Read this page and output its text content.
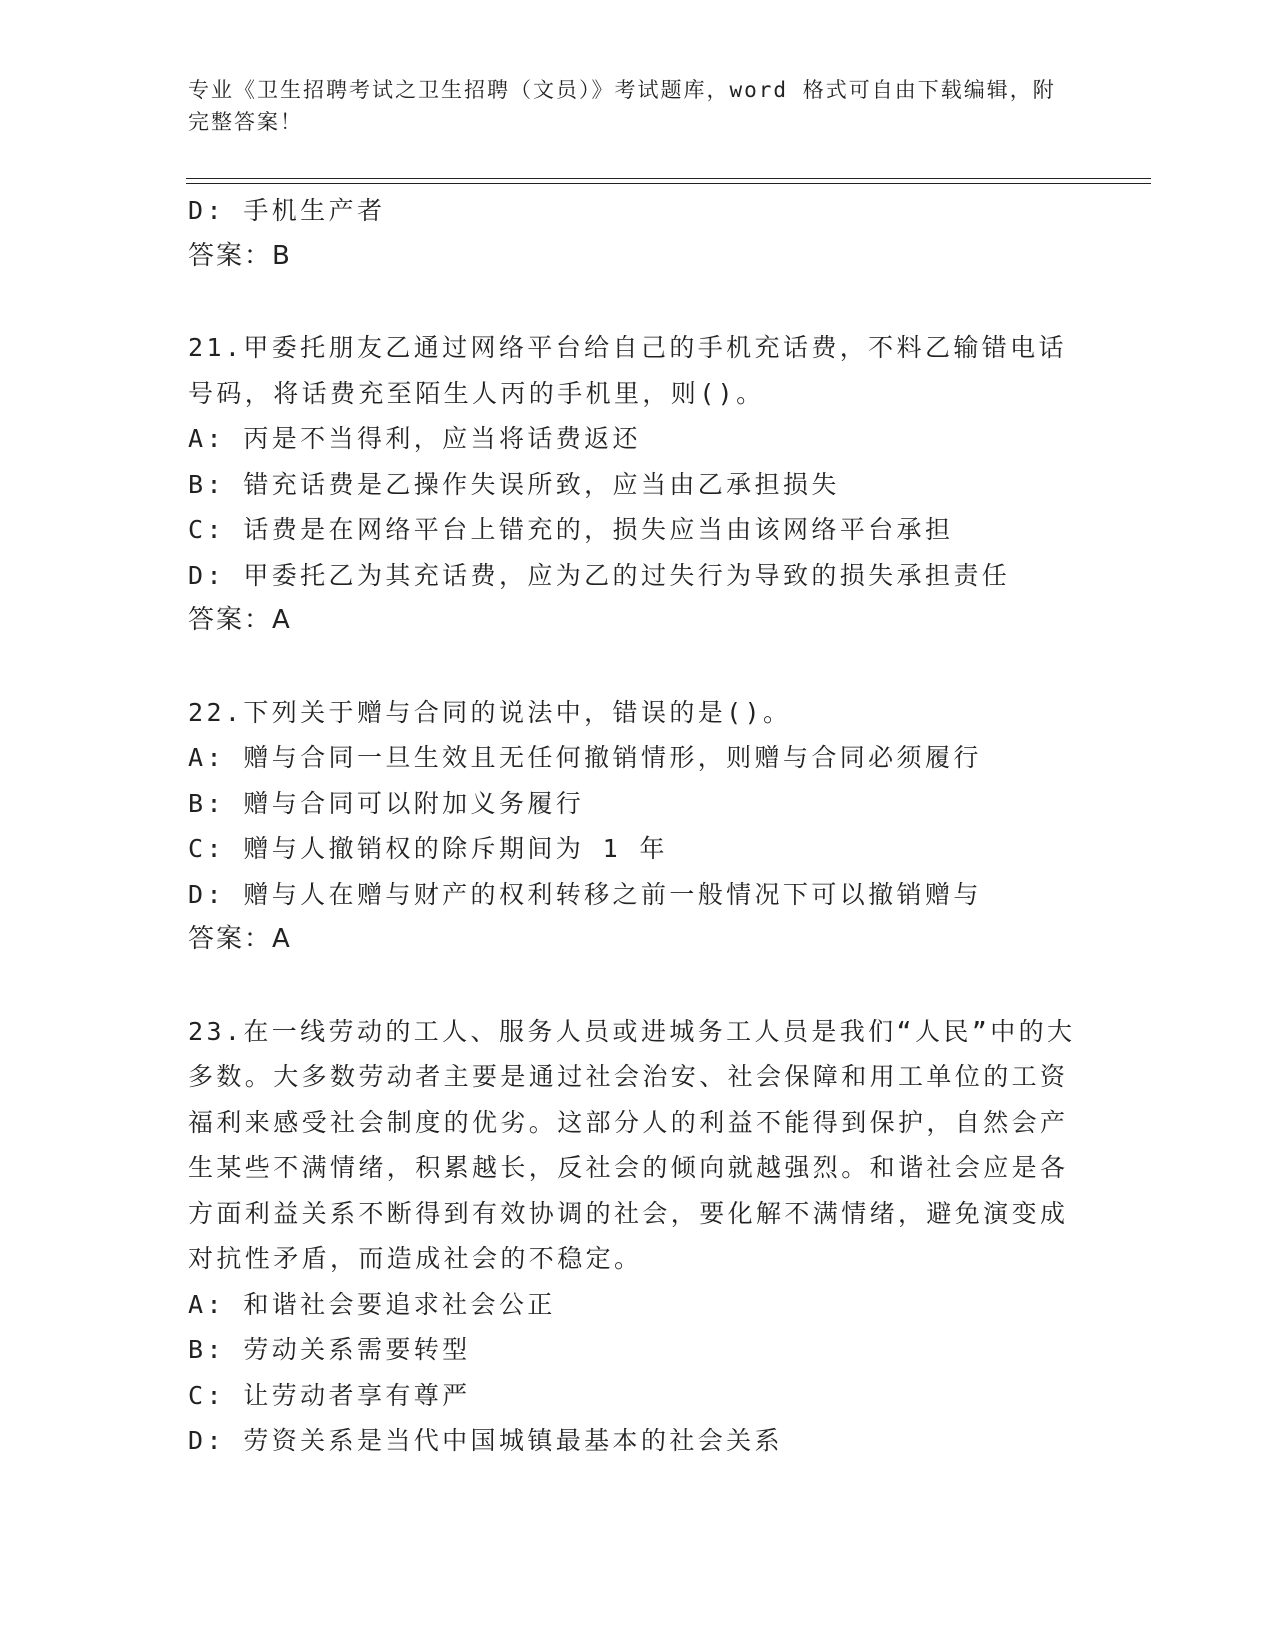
专业《卫生招聘考试之卫生招聘（文员）》考试题库，word 格式可自由下载编辑，附完整答案！
D: 手机生产者
答案：B
21.甲委托朋友乙通过网络平台给自己的手机充话费，不料乙输错电话号码，将话费充至陌生人丙的手机里，则()。
A: 丙是不当得利，应当将话费返还
B: 错充话费是乙操作失误所致，应当由乙承担损失
C: 话费是在网络平台上错充的，损失应当由该网络平台承担
D: 甲委托乙为其充话费，应为乙的过失行为导致的损失承担责任
答案：A
22.下列关于赠与合同的说法中，错误的是()。
A: 赠与合同一旦生效且无任何撤销情形，则赠与合同必须履行
B: 赠与合同可以附加义务履行
C: 赠与人撤销权的除斥期间为 1 年
D: 赠与人在赠与财产的权利转移之前一般情况下可以撤销赠与
答案：A
23.在一线劳动的工人、服务人员或进城务工人员是我们“人民”中的大多数。大多数劳动者主要是通过社会治安、社会保障和用工单位的工资福利来感受社会制度的优劣。这部分人的利益不能得到保护，自然会产生某些不满情绪，积累越长，反社会的倾向就越强烈。和谐社会应是各方面利益关系不断得到有效协调的社会，要化解不满情绪，避免演变成对抗性矛盾，而造成社会的不稳定。
A: 和谐社会要追求社会公正
B: 劳动关系需要转型
C: 让劳动者享有尊严
D: 劳资关系是当代中国城镇最基本的社会关系
